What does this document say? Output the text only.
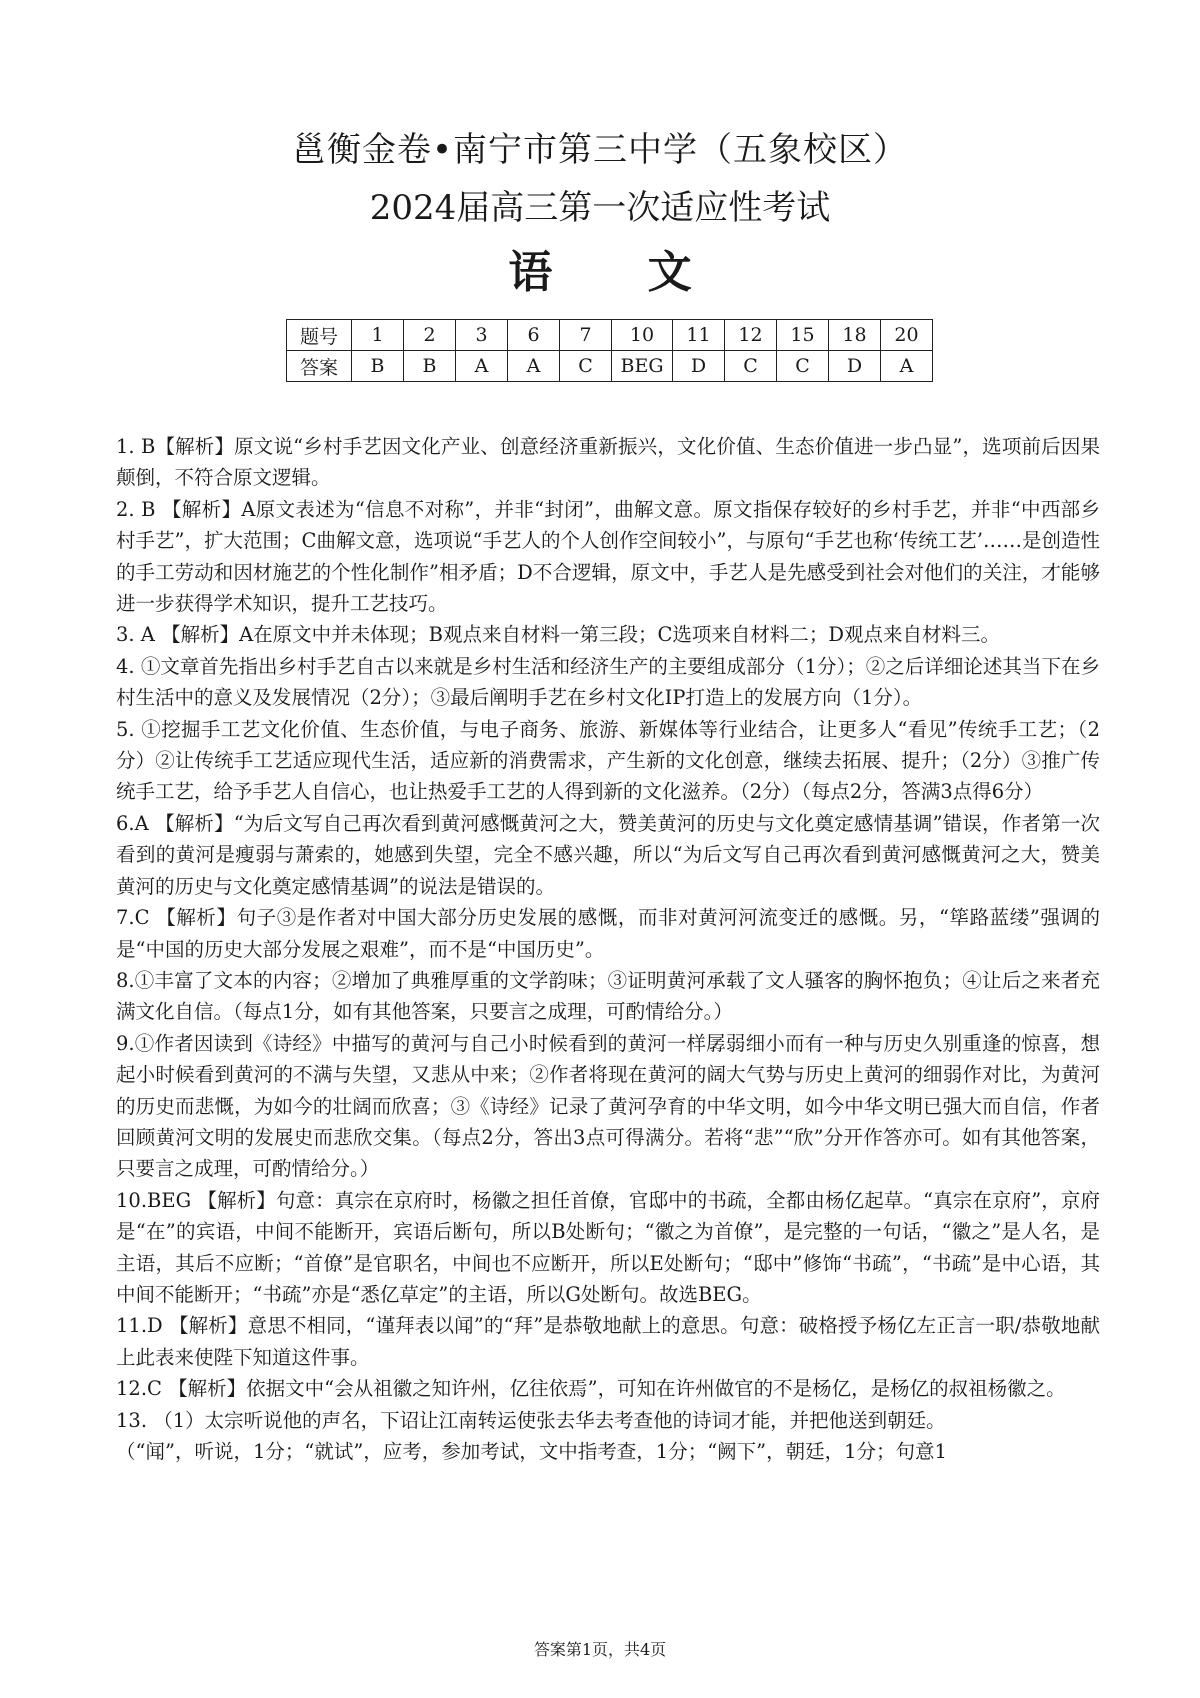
邕衡金卷•南宁市第三中学（五象校区）
2024届高三第一次适应性考试
语 文
题号	1	2	3	6	7	10	11	12	15	18	20
答案	B	B	A	A	C	BEG	D	C	C	D	A

1. B【解析】原文说“乡村手艺因文化产业、创意经济重新振兴，文化价值、生态价值进一步凸显”，选项前后因果颠倒，不符合原文逻辑。

2. B 【解析】A原文表述为“信息不对称”，并非“封闭”，曲解文意。原文指保存较好的乡村手艺，并非“中西部乡村手艺”，扩大范围；C曲解文意，选项说“手艺人的个人创作空间较小”，与原句“手艺也称‘传统工艺’……是创造性的手工劳动和因材施艺的个性化制作”相矛盾；D不合逻辑，原文中，手艺人是先感受到社会对他们的关注，才能够进一步获得学术知识，提升工艺技巧。

3. A 【解析】A在原文中并未体现；B观点来自材料一第三段；C选项来自材料二；D观点来自材料三。

4. ①文章首先指出乡村手艺自古以来就是乡村生活和经济生产的主要组成部分（1分）；②之后详细论述其当下在乡村生活中的意义及发展情况（2分）；③最后阐明手艺在乡村文化IP打造上的发展方向（1分）。

5. ①挖掘手工艺文化价值、生态价值，与电子商务、旅游、新媒体等行业结合，让更多人“看见”传统手工艺；（2分）②让传统手工艺适应现代生活，适应新的消费需求，产生新的文化创意，继续去拓展、提升；（2分）③推广传统手工艺，给予手艺人自信心，也让热爱手工艺的人得到新的文化滋养。（2分）（每点2分，答满3点得6分）

6.A 【解析】“为后文写自己再次看到黄河感慨黄河之大，赞美黄河的历史与文化奠定感情基调”错误，作者第一次看到的黄河是瘦弱与萧索的，她感到失望，完全不感兴趣，所以“为后文写自己再次看到黄河感慨黄河之大，赞美黄河的历史与文化奠定感情基调”的说法是错误的。

7.C 【解析】句子③是作者对中国大部分历史发展的感慨，而非对黄河河流变迁的感慨。另，“筚路蓝缕”强调的是“中国的历史大部分发展之艰难”，而不是“中国历史”。

8.①丰富了文本的内容；②增加了典雅厚重的文学韵味；③证明黄河承载了文人骚客的胸怀抱负；④让后之来者充满文化自信。（每点1分，如有其他答案，只要言之成理，可酌情给分。）

9.①作者因读到《诗经》中描写的黄河与自己小时候看到的黄河一样孱弱细小而有一种与历史久别重逢的惊喜，想起小时候看到黄河的不满与失望，又悲从中来；②作者将现在黄河的阔大气势与历史上黄河的细弱作对比，为黄河的历史而悲慨，为如今的壮阔而欣喜；③《诗经》记录了黄河孕育的中华文明，如今中华文明已强大而自信，作者回顾黄河文明的发展史而悲欣交集。（每点2分，答出3点可得满分。若将“悲”“欣”分开作答亦可。如有其他答案，只要言之成理，可酌情给分。）

10.BEG 【解析】句意：真宗在京府时，杨徽之担任首僚，官邸中的书疏，全都由杨亿起草。“真宗在京府”，京府是“在”的宾语，中间不能断开，宾语后断句，所以B处断句；“徽之为首僚”，是完整的一句话，“徽之”是人名，是主语，其后不应断；“首僚”是官职名，中间也不应断开，所以E处断句；“邸中”修饰“书疏”，“书疏”是中心语，其中间不能断开；“书疏”亦是“悉亿草定”的主语，所以G处断句。故选BEG。

11.D 【解析】意思不相同，“谨拜表以闻”的“拜”是恭敬地献上的意思。句意：破格授予杨亿左正言一职/恭敬地献上此表来使陛下知道这件事。

12.C 【解析】依据文中“会从祖徽之知许州，亿往依焉”，可知在许州做官的不是杨亿，是杨亿的叔祖杨徽之。

13. （1）太宗听说他的声名，下诏让江南转运使张去华去考查他的诗词才能，并把他送到朝廷。

（“闻”，听说，1分；“就试”，应考，参加考试，文中指考查，1分；“阙下”，朝廷，1分；句意1

答案第1页，共4页
